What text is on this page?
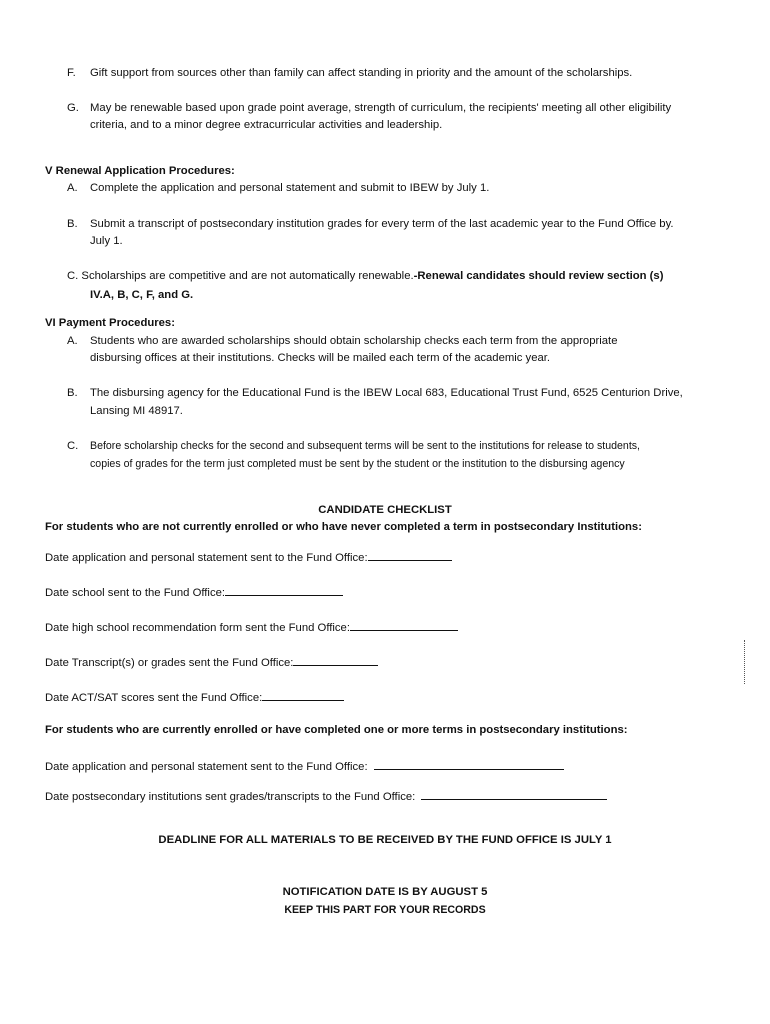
F. Gift support from sources other than family can affect standing in priority and the amount of the scholarships.
G. May be renewable based upon grade point average, strength of curriculum, the recipients' meeting all other eligibility
criteria, and to a minor degree extracurricular activities and leadership.
V Renewal Application Procedures:
A. Complete the application and personal statement and submit to IBEW by July 1.
B. Submit a transcript of postsecondary institution grades for every term of the last academic year to the Fund Office by.
July 1.
C. Scholarships are competitive and are not automatically renewable.-Renewal candidates should review section (s)
IV.A, B, C, F, and G.
VI Payment Procedures:
A. Students who are awarded scholarships should obtain scholarship checks each term from the appropriate
disbursing offices at their institutions. Checks will be mailed each term of the academic year.
B. The disbursing agency for the Educational Fund is the IBEW Local 683, Educational Trust Fund, 6525 Centurion Drive,
Lansing MI 48917.
C. Before scholarship checks for the second and subsequent terms will be sent to the institutions for release to students,
copies of grades for the term just completed must be sent by the student or the institution to the disbursing agency
CANDIDATE CHECKLIST
For students who are not currently enrolled or who have never completed a term in postsecondary Institutions:
Date application and personal statement sent to the Fund Office:
Date school sent to the Fund Office:
Date high school recommendation form sent the Fund Office:
Date Transcript(s) or grades sent the Fund Office:
Date ACT/SAT scores sent the Fund Office:
For students who are currently enrolled or have completed one or more terms in postsecondary institutions:
Date application and personal statement sent to the Fund Office:
Date postsecondary institutions sent grades/transcripts to the Fund Office:
DEADLINE FOR ALL MATERIALS TO BE RECEIVED BY THE FUND OFFICE IS JULY 1
NOTIFICATION DATE IS BY AUGUST 5
KEEP THIS PART FOR YOUR RECORDS
